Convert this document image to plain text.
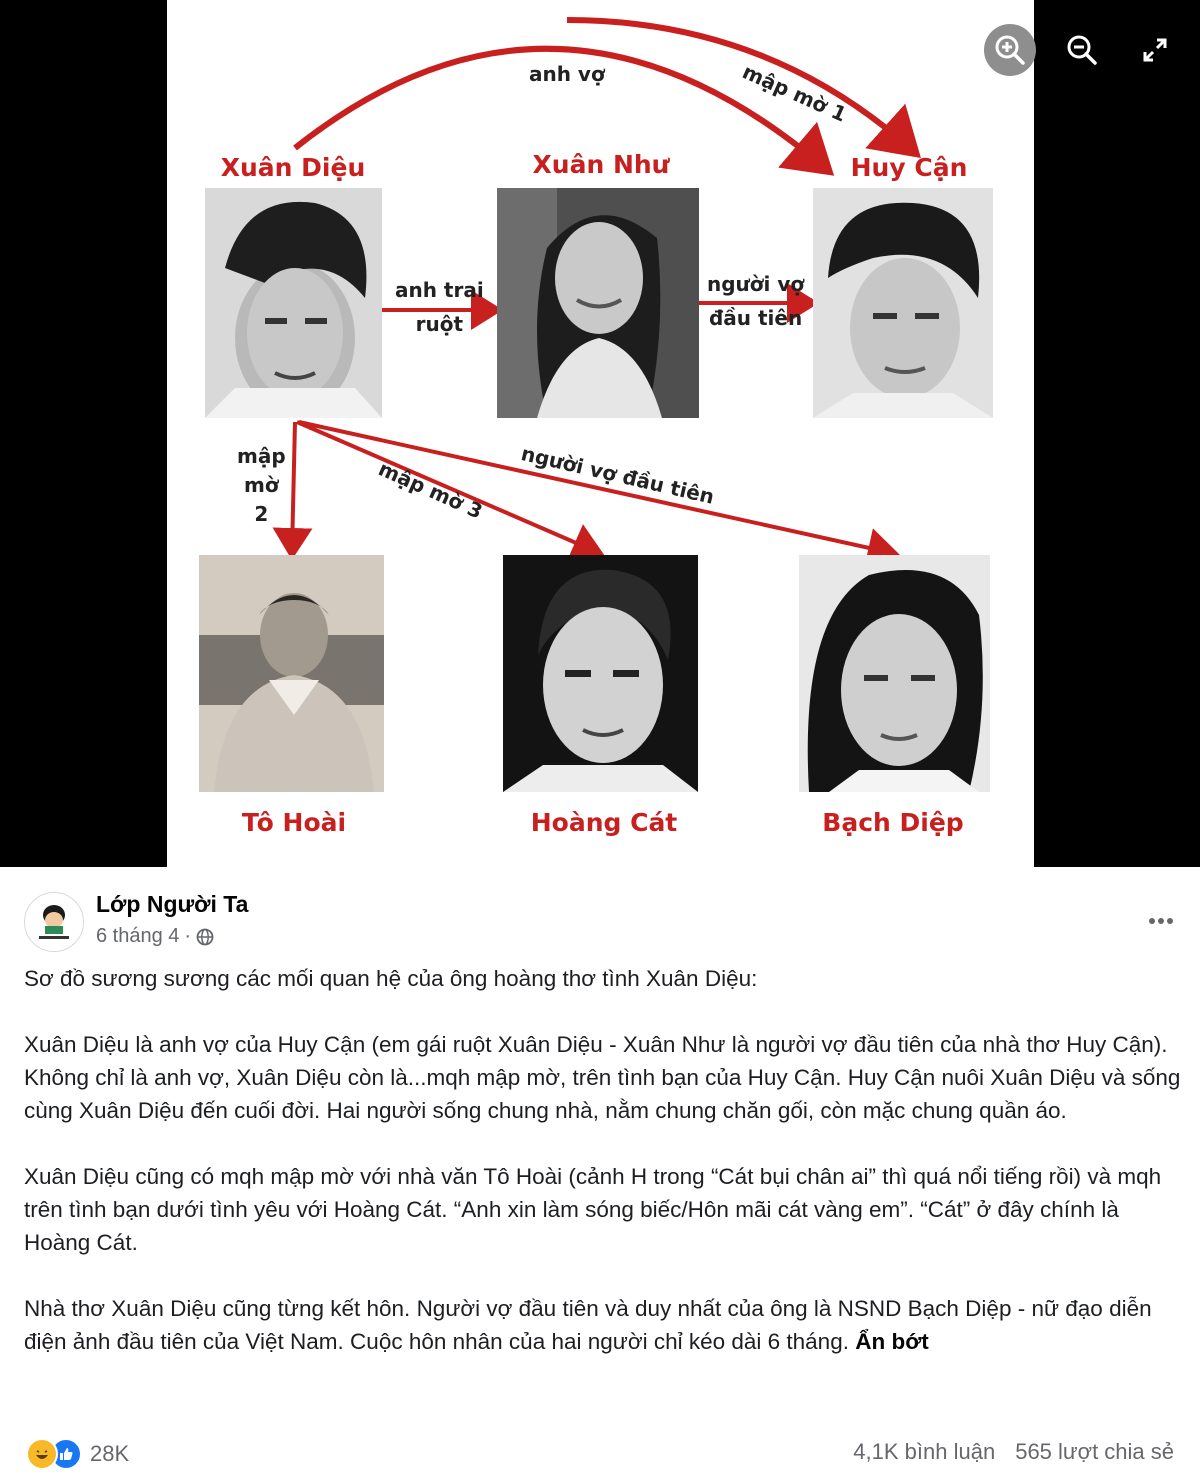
Xuân Diệu	Xuân Như	Huy Cận
Tô Hoài	Hoàng Cát	Bạch Diệp
anh vợ	mập mờ 1
anh trai
ruột
người vợ
đầu tiên
mập
mờ
2	mập mờ 3 người vợ đầu tiên
Lớp Người Ta
6 tháng 4 ·

Sơ đồ sương sương các mối quan hệ của ông hoàng thơ tình Xuân Diệu:

Xuân Diệu là anh vợ của Huy Cận (em gái ruột Xuân Diệu - Xuân Như là người vợ đầu tiên của nhà thơ Huy Cận). Không chỉ là anh vợ, Xuân Diệu còn là...mqh mập mờ, trên tình bạn của Huy Cận. Huy Cận nuôi Xuân Diệu và sống cùng Xuân Diệu đến cuối đời. Hai người sống chung nhà, nằm chung chăn gối, còn mặc chung quần áo.

Xuân Diệu cũng có mqh mập mờ với nhà văn Tô Hoài (cảnh H trong “Cát bụi chân ai” thì quá nổi tiếng rồi) và mqh trên tình bạn dưới tình yêu với Hoàng Cát. “Anh xin làm sóng biếc/Hôn mãi cát vàng em”. “Cát” ở đây chính là Hoàng Cát.

Nhà thơ Xuân Diệu cũng từng kết hôn. Người vợ đầu tiên và duy nhất của ông là NSND Bạch Diệp - nữ đạo diễn điện ảnh đầu tiên của Việt Nam. Cuộc hôn nhân của hai người chỉ kéo dài 6 tháng. Ẩn bớt

28K	4,1K bình luận 565 lượt chia sẻ
